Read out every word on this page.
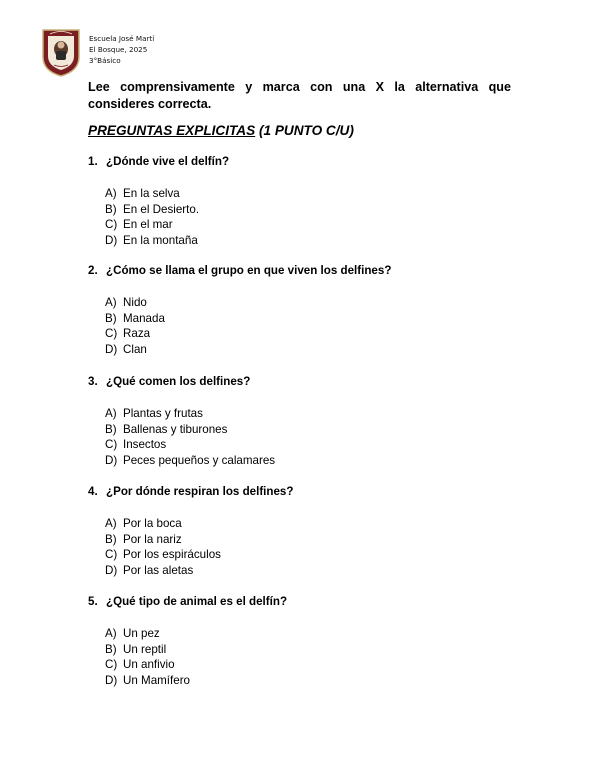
Escuela José Martí
El Bosque, 2025
3°Básico
Lee comprensivamente y marca con una X la alternativa que consideres correcta.
PREGUNTAS EXPLICITAS (1 PUNTO C/U)
1. ¿Dónde vive el delfín?
A) En la selva
B) En el Desierto.
C) En el mar
D) En la montaña
2. ¿Cómo se llama el grupo en que viven los delfines?
A) Nido
B) Manada
C) Raza
D) Clan
3. ¿Qué comen los delfines?
A) Plantas y frutas
B) Ballenas y tiburones
C) Insectos
D) Peces pequeños y calamares
4. ¿Por dónde respiran los delfines?
A) Por la boca
B) Por la nariz
C) Por los espiráculos
D) Por las aletas
5. ¿Qué tipo de animal es el delfín?
A) Un pez
B) Un reptil
C) Un anfivio
D) Un Mamífero
